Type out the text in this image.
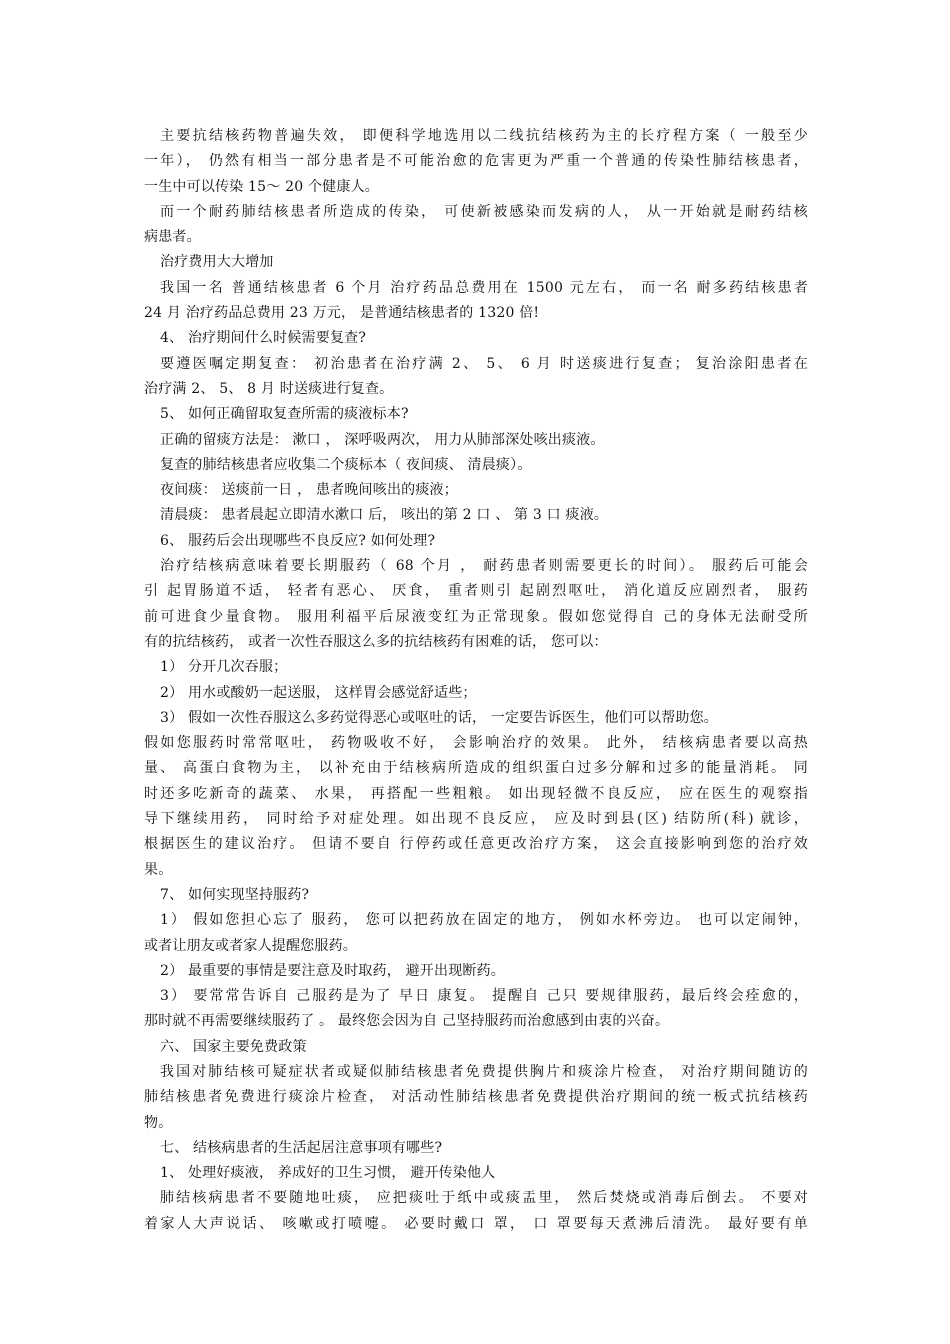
主要抗结核药物普遍失效， 即便科学地选用以二线抗结核药为主的长疗程方案（ 一般至少
一年）， 仍然有相当一部分患者是不可能治愈的危害更为严重一个普通的传染性肺结核患者，
一生中可以传染 15～ 20 个健康人。
而一个耐药肺结核患者所造成的传染， 可使新被感染而发病的人， 从一开始就是耐药结核
病患者。
治疗费用大大增加
我国一名 普通结核患者 6 个月 治疗药品总费用在 1500 元左右， 而一名 耐多药结核患者
24 月 治疗药品总费用 23 万元， 是普通结核患者的 1320 倍!
4、 治疗期间什么时候需要复查?
要遵医嘱定期复查： 初治患者在治疗满 2、 5、 6 月 时送痰进行复查； 复治涂阳患者在
治疗满 2、 5、 8 月 时送痰进行复查。
5、 如何正确留取复查所需的痰液标本?
正确的留痰方法是： 漱口 ， 深呼吸两次， 用力从肺部深处咳出痰液。
复查的肺结核患者应收集二个痰标本（ 夜间痰、 清晨痰）。
夜间痰： 送痰前一日 ， 患者晚间咳出的痰液；
清晨痰： 患者晨起立即清水漱口 后， 咳出的第 2 口 、 第 3 口 痰液。
6、 服药后会出现哪些不良反应? 如何处理?
治疗结核病意味着要长期服药（ 68 个月 ， 耐药患者则需要更长的时间）。 服药后可能会
引 起胃肠道不适， 轻者有恶心、 厌食， 重者则引 起剧烈呕吐， 消化道反应剧烈者， 服药
前可进食少量食物。 服用利福平后尿液变红为正常现象。假如您觉得自 己的身体无法耐受所
有的抗结核药， 或者一次性吞服这么多的抗结核药有困难的话， 您可以：
1） 分开几次吞服；
2） 用水或酸奶一起送服， 这样胃会感觉舒适些；
3） 假如一次性吞服这么多药觉得恶心或呕吐的话， 一定要告诉医生，他们可以帮助您。
假如您服药时常常呕吐， 药物吸收不好， 会影响治疗的效果。 此外， 结核病患者要以高热
量、 高蛋白食物为主， 以补充由于结核病所造成的组织蛋白过多分解和过多的能量消耗。 同
时还多吃新奇的蔬菜、 水果， 再搭配一些粗粮。 如出现轻微不良反应， 应在医生的观察指
导下继续用药， 同时给予对症处理。如出现不良反应， 应及时到县(区) 结防所(科) 就诊，
根据医生的建议治疗。 但请不要自 行停药或任意更改治疗方案， 这会直接影响到您的治疗效
果。
7、 如何实现坚持服药?
1） 假如您担心忘了 服药， 您可以把药放在固定的地方， 例如水杯旁边。 也可以定闹钟，
或者让朋友或者家人提醒您服药。
2） 最重要的事情是要注意及时取药， 避开出现断药。
3） 要常常告诉自 己服药是为了 早日 康复。 提醒自 己只 要规律服药，最后终会痊愈的，
那时就不再需要继续服药了 。 最终您会因为自 己坚持服药而治愈感到由衷的兴奋。
六、 国家主要免费政策
我国对肺结核可疑症状者或疑似肺结核患者免费提供胸片和痰涂片检查， 对治疗期间随访的
肺结核患者免费进行痰涂片检查， 对活动性肺结核患者免费提供治疗期间的统一板式抗结核药
物。
七、 结核病患者的生活起居注意事项有哪些?
1、 处理好痰液， 养成好的卫生习惯， 避开传染他人
肺结核病患者不要随地吐痰， 应把痰吐于纸中或痰盂里， 然后焚烧或消毒后倒去。 不要对
着家人大声说话、 咳嗽或打喷嚏。 必要时戴口 罩， 口 罩要每天煮沸后清洗。 最好要有单
